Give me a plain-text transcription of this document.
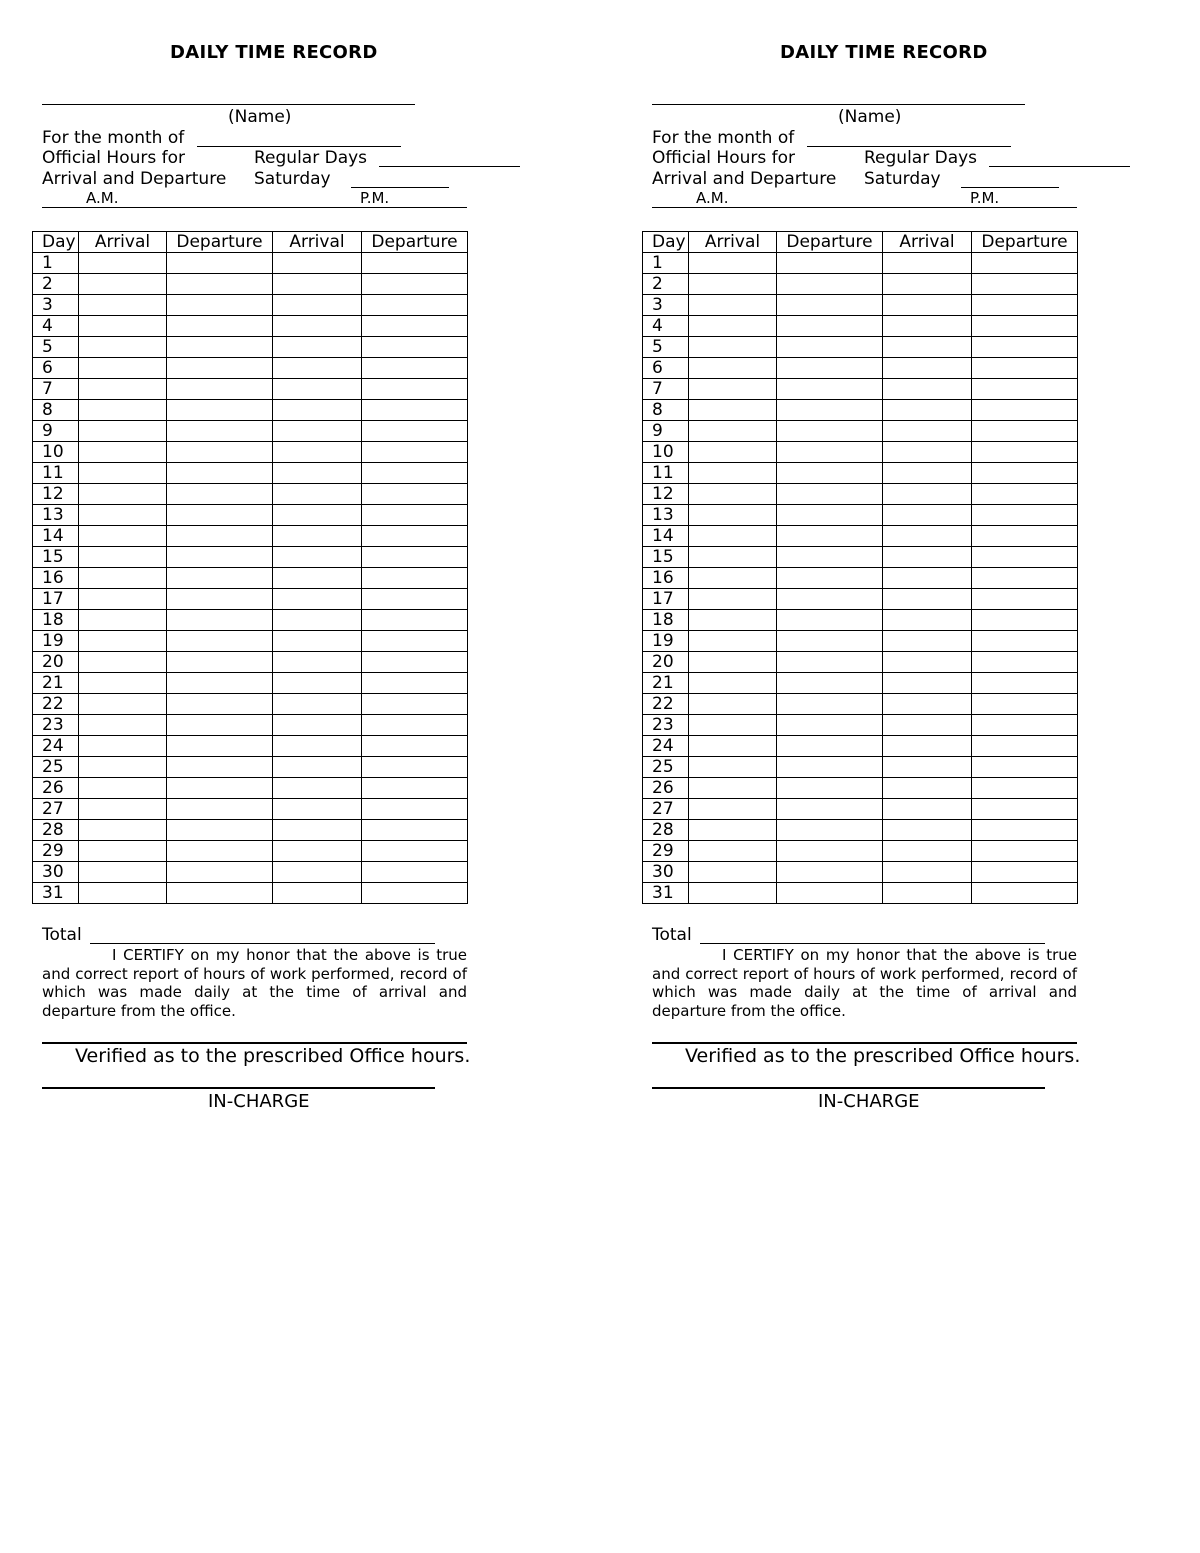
DAILY TIME RECORD
(Name)
For the month of
Official Hours for	Regular Days
Arrival and Departure Saturday
A.M.	P.M.
Day	Arrival	Departure	Arrival	Departure
1				
2				
3				
4				
5				
6				
7				
8				
9				
10				
11				
12				
13				
14				
15				
16				
17				
18				
19				
20				
21				
22				
23				
24				
25				
26				
27				
28				
29				
30				
31				
Total
I CERTIFY on my honor that the above is true and correct report of hours of work performed, record of which was made daily at the time of arrival and departure from the office.
Verified as to the prescribed Office hours.
IN-CHARGE
DAILY TIME RECORD
(Name)
For the month of
Official Hours for	Regular Days
Arrival and Departure Saturday
A.M.	P.M.
Day	Arrival	Departure	Arrival	Departure
1				
2				
3				
4				
5				
6				
7				
8				
9				
10				
11				
12				
13				
14				
15				
16				
17				
18				
19				
20				
21				
22				
23				
24				
25				
26				
27				
28				
29				
30				
31				
Total
I CERTIFY on my honor that the above is true and correct report of hours of work performed, record of which was made daily at the time of arrival and departure from the office.
Verified as to the prescribed Office hours.
IN-CHARGE
